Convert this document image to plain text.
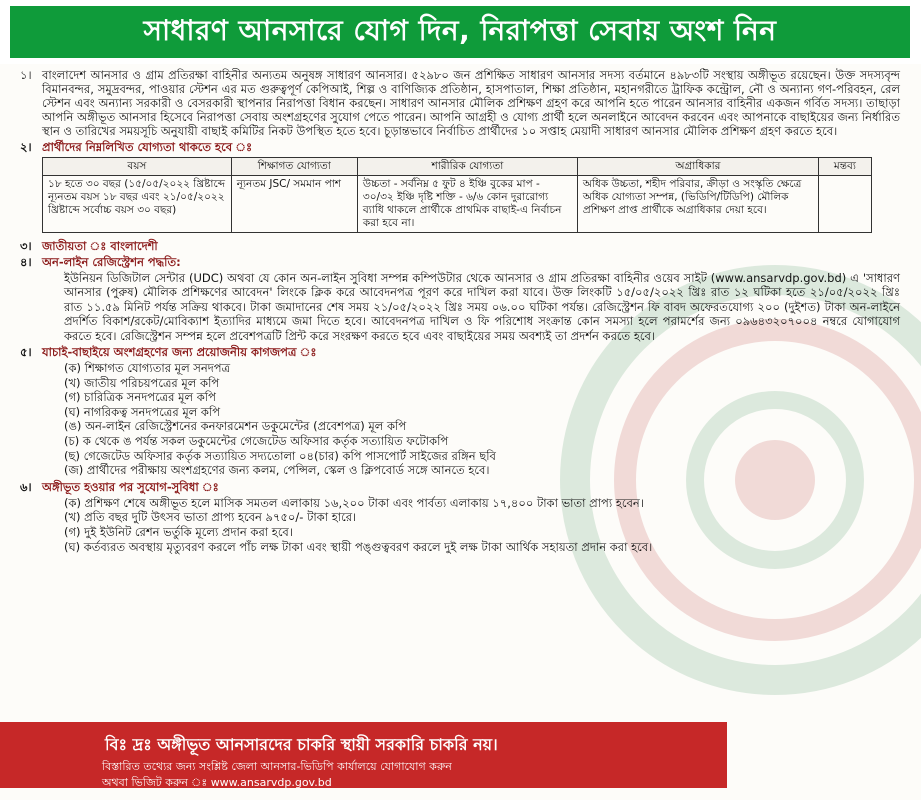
সাধারণ আনসারে যোগ দিন, নিরাপত্তা সেবায় অংশ নিন
১। বাংলাদেশ আনসার ও গ্রাম প্রতিরক্ষা বাহিনীর অন্যতম অনুষঙ্গ সাধারণ আনসার। ৫২৯৮০ জন প্রশিক্ষিত সাধারণ আনসার সদস্য বর্তমানে ৪৯৮৩টি সংস্থায় অঙ্গীভূত রয়েছেন। উক্ত সদস্যবৃন্দ বিমানবন্দর, সমুদ্রবন্দর, পাওয়ার স্টেশন এর মত গুরুত্বপূর্ণ কেপিআই, শিল্প ও বাণিজ্যিক প্রতিষ্ঠান, হাসপাতাল, শিক্ষা প্রতিষ্ঠান, মহানগরীতে ট্রাফিক কন্ট্রোল, নৌ ও অন্যান্য গণ-পরিবহন, রেল স্টেশন এবং অন্যান্য সরকারী ও বেসরকারী স্থাপনার নিরাপত্তা বিধান করছেন। সাধারণ আনসার মৌলিক প্রশিক্ষণ গ্রহণ করে আপনি হতে পারেন আনসার বাহিনীর একজন গর্বিত সদস্য। তাছাড়া আপনি অঙ্গীভূত আনসার হিসেবে নিরাপত্তা সেবায় অংশগ্রহণের সুযোগ পেতে পারেন। আপনি আগ্রহী ও যোগ্য প্রার্থী হলে অনলাইনে আবেদন করবেন এবং আপনাকে বাছাইয়ের জন্য নির্ধারিত স্থান ও তারিখের সময়সূচি অনুযায়ী বাছাই কমিটির নিকট উপস্থিত হতে হবে। চূড়ান্তভাবে নির্বাচিত প্রার্থীদের ১০ সপ্তাহ মেয়াদী সাধারণ আনসার মৌলিক প্রশিক্ষণ গ্রহণ করতে হবে।
২। প্রার্থীদের নিম্নলিখিত যোগ্যতা থাকতে হবে ঃ
বয়স	শিক্ষাগত যোগ্যতা	শারীরিক যোগ্যতা	অগ্রাধিকার	মন্তব্য
১৮ হতে ৩০ বছর (১৫/০৫/২০২২ খ্রিষ্টাব্দে ন্যূনতম বয়স ১৮ বছর এবং ২১/০৫/২০২২ খ্রিষ্টাব্দে সর্বোচ্চ বয়স ৩০ বছর)	ন্যূনতম JSC/ সমমান পাশ	উচ্চতা - সর্বনিম্ন ৫ ফুট ৪ ইঞ্চি বুকের মাপ - ৩০/৩২ ইঞ্চি দৃষ্টি শক্তি - ৬/৬ কোন দুরারোগ্য ব্যাধি থাকলে প্রার্থীকে প্রাথমিক বাছাই-এ নির্বাচন করা হবে না।	অধিক উচ্চতা, শহীদ পরিবার, ক্রীড়া ও সংস্কৃতি ক্ষেত্রে অধিক যোগ্যতা সম্পন্ন, (ভিডিপি/টিডিপি) মৌলিক প্রশিক্ষণ প্রাপ্ত প্রার্থীকে অগ্রাধিকার দেয়া হবে।	
৩। জাতীয়তা ঃ বাংলাদেশী
৪। অন-লাইন রেজিস্ট্রেশন পদ্ধতি:
ইউনিয়ন ডিজিটাল সেন্টার (UDC) অথবা যে কোন অন-লাইন সুবিধা সম্পন্ন কম্পিউটার থেকে আনসার ও গ্রাম প্রতিরক্ষা বাহিনীর ওয়েব সাইট (www.ansarvdp.gov.bd) এ 'সাধারণ আনসার (পুরুষ) মৌলিক প্রশিক্ষণের আবেদন' লিংকে ক্লিক করে আবেদনপত্র পূরণ করে দাখিল করা যাবে। উক্ত লিংকটি ১৫/০৫/২০২২ খ্রিঃ রাত ১২ ঘটিকা হতে ২১/০৫/২০২২ খ্রিঃ রাত ১১.৫৯ মিনিট পর্যন্ত সক্রিয় থাকবে। টাকা জমাদানের শেষ সময় ২১/০৫/২০২২ খ্রিঃ সময় ০৬.০০ ঘটিকা পর্যন্ত। রেজিস্ট্রেশন ফি বাবদ অফেরতযোগ্য ২০০ (দুইশত) টাকা অন-লাইনে প্রদর্শিত বিকাশ/রকেট/মোবিক্যাশ ইত্যাদির মাধ্যমে জমা দিতে হবে। আবেদনপত্র দাখিল ও ফি পরিশোধ সংক্রান্ত কোন সমস্যা হলে পরামর্শের জন্য ০৯৬৪৩২০৭০০৪ নম্বরে যোগাযোগ করতে হবে। রেজিস্ট্রেশন সম্পন্ন হলে প্রবেশপত্রটি প্রিন্ট করে সংরক্ষণ করতে হবে এবং বাছাইয়ের সময় অবশ্যই তা প্রদর্শন করতে হবে।
৫। যাচাই-বাছাইয়ে অংশগ্রহণের জন্য প্রয়োজনীয় কাগজপত্র ঃ
(ক) শিক্ষাগত যোগ্যতার মূল সনদপত্র
(খ) জাতীয় পরিচয়পত্রের মূল কপি
(গ) চারিত্রিক সনদপত্রের মূল কপি
(ঘ) নাগরিকত্ব সনদপত্রের মূল কপি
(ঙ) অন-লাইন রেজিস্ট্রেশনের কনফারমেশন ডকুমেন্টের (প্রবেশপত্র) মূল কপি
(চ) ক থেকে ঙ পর্যন্ত সকল ডকুমেন্টের গেজেটেড অফিসার কর্তৃক সত্যায়িত ফটোকপি
(ছ) গেজেটেড অফিসার কর্তৃক সত্যায়িত সদ্যতোলা ০৪(চার) কপি পাসপোর্ট সাইজের রঙ্গিন ছবি
(জ) প্রার্থীদের পরীক্ষায় অংশগ্রহণের জন্য কলম, পেন্সিল, স্কেল ও ক্লিপবোর্ড সঙ্গে আনতে হবে।
৬। অঙ্গীভূত হওয়ার পর সুযোগ-সুবিধা ঃ
(ক) প্রশিক্ষণ শেষে অঙ্গীভূত হলে মাসিক সমতল এলাকায় ১৬,২০০ টাকা এবং পার্বত্য এলাকায় ১৭,৪০০ টাকা ভাতা প্রাপ্য হবেন।
(খ) প্রতি বছর দুটি উৎসব ভাতা প্রাপ্য হবেন ৯৭৫০/- টাকা হারে।
(গ) দুই ইউনিট রেশন ভর্তুকি মূল্যে প্রদান করা হবে।
(ঘ) কর্তব্যরত অবস্থায় মৃত্যুবরণ করলে পাঁচ লক্ষ টাকা এবং স্থায়ী পঙ্গুত্ববরণ করলে দুই লক্ষ টাকা আর্থিক সহায়তা প্রদান করা হবে।
বিঃ দ্রঃ অঙ্গীভূত আনসারদের চাকরি স্থায়ী সরকারি চাকরি নয়।
বিস্তারিত তথ্যের জন্য সংশ্লিষ্ট জেলা আনসার-ভিডিপি কার্যালয়ে যোগাযোগ করুন
অথবা ভিজিট করুন ঃ www.ansarvdp.gov.bd
